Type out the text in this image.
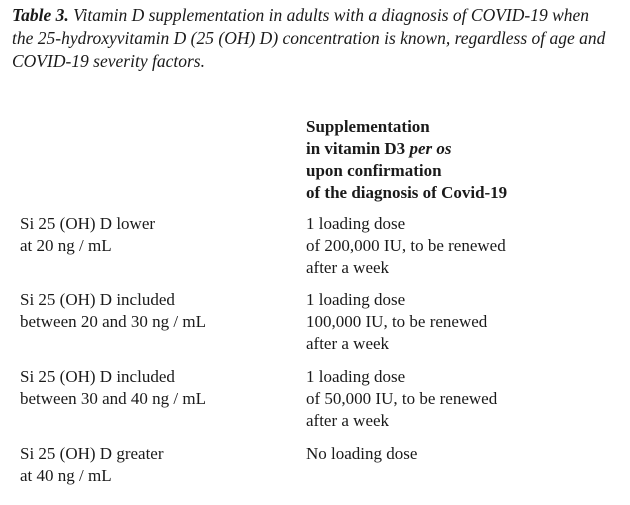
Table 3. Vitamin D supplementation in adults with a diagnosis of COVID-19 when the 25-hydroxyvitamin D (25 (OH) D) concentration is known, regardless of age and COVID-19 severity factors.
Supplementation
in vitamin D3 per os
upon confirmation
of the diagnosis of Covid-19
Si 25 (OH) D lower
at 20 ng / mL
1 loading dose
of 200,000 IU, to be renewed
after a week
Si 25 (OH) D included
between 20 and 30 ng / mL
1 loading dose
100,000 IU, to be renewed
after a week
Si 25 (OH) D included
between 30 and 40 ng / mL
1 loading dose
of 50,000 IU, to be renewed
after a week
Si 25 (OH) D greater
at 40 ng / mL
No loading dose
